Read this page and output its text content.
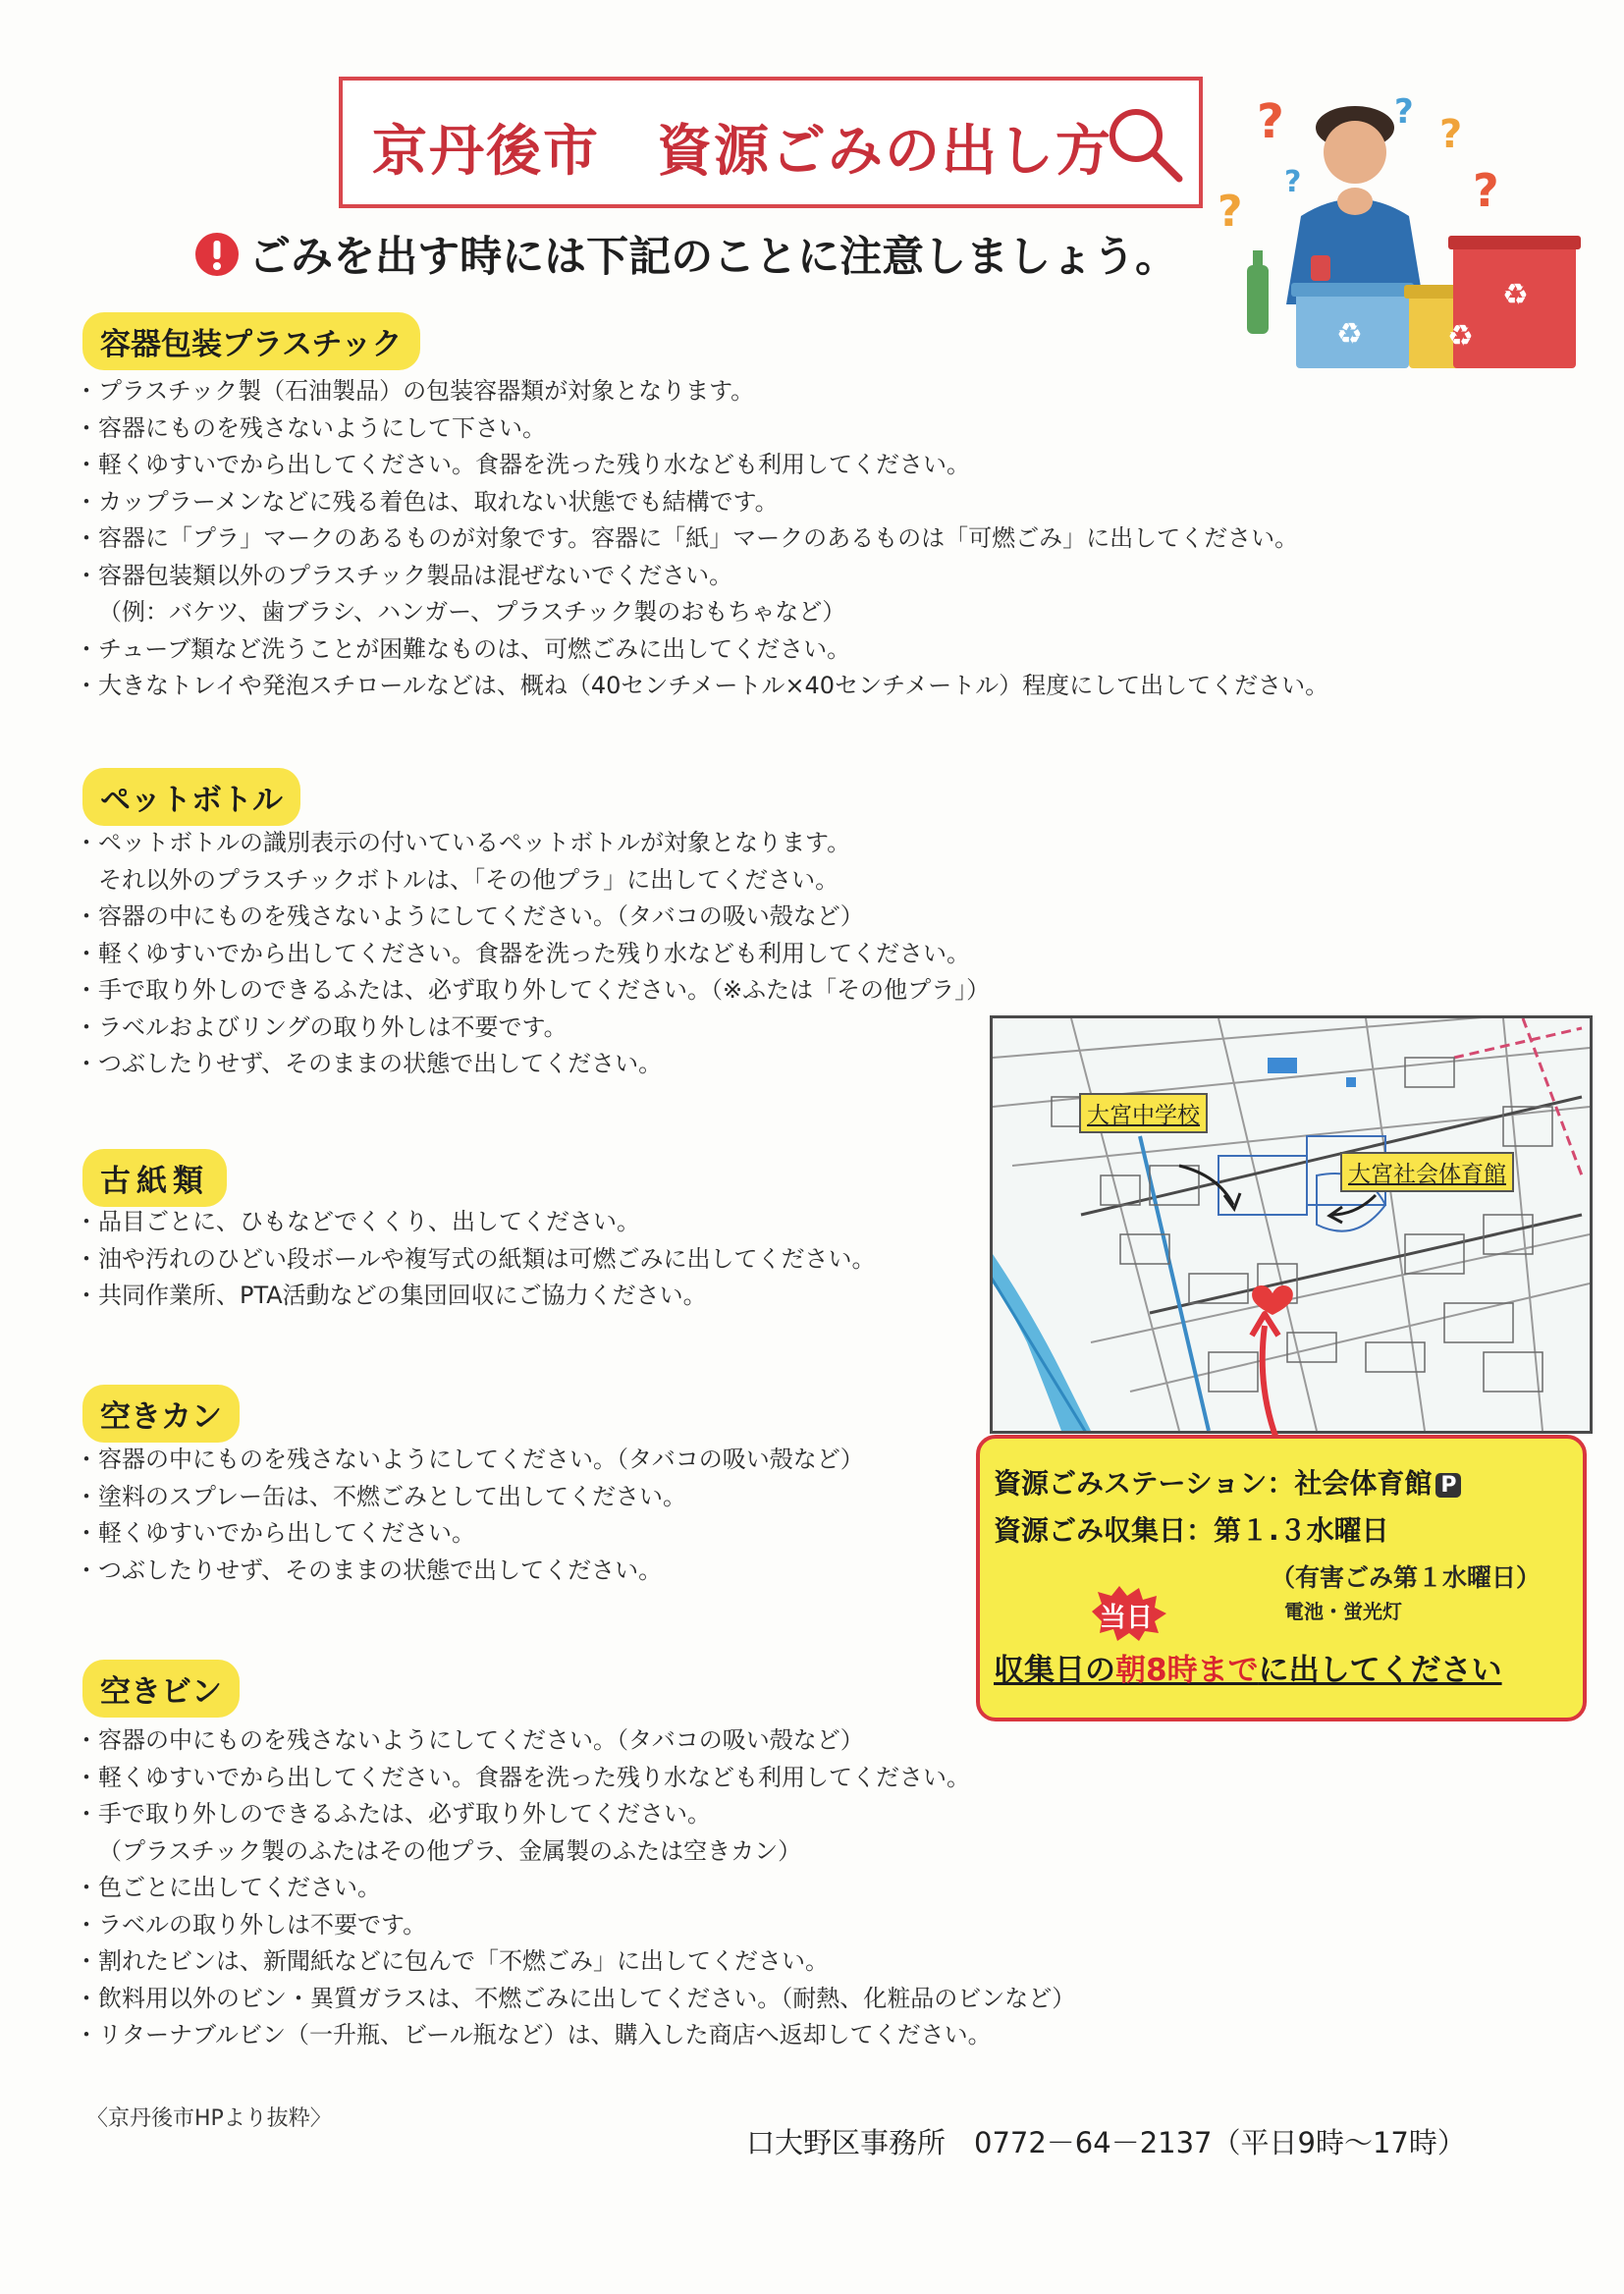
京丹後市　資源ごみの出し方	?
?
? ?
?
?
♻	♻
♻
ごみを出す時には下記のことに注意しましょう。
容器包装プラスチック
・プラスチック製（石油製品）の包装容器類が対象となります。
・容器にものを残さないようにして下さい。
・軽くゆすいでから出してください。食器を洗った残り水なども利用してください。
・カップラーメンなどに残る着色は、取れない状態でも結構です。
・容器に「プラ」マークのあるものが対象です。容器に「紙」マークのあるものは「可燃ごみ」に出してください。
・容器包装類以外のプラスチック製品は混ぜないでください。
（例：バケツ、歯ブラシ、ハンガー、プラスチック製のおもちゃなど）
・チューブ類など洗うことが困難なものは、可燃ごみに出してください。
・大きなトレイや発泡スチロールなどは、概ね（40センチメートル×40センチメートル）程度にして出してください。
ペットボトル
・ペットボトルの識別表示の付いているペットボトルが対象となります。
それ以外のプラスチックボトルは、「その他プラ」に出してください。
・容器の中にものを残さないようにしてください。（タバコの吸い殻など）
・軽くゆすいでから出してください。食器を洗った残り水なども利用してください。
・手で取り外しのできるふたは、必ず取り外してください。（※ふたは「その他プラ」）
・ラベルおよびリングの取り外しは不要です。
・つぶしたりせず、そのままの状態で出してください。
古紙類
・品目ごとに、ひもなどでくくり、出してください。
・油や汚れのひどい段ボールや複写式の紙類は可燃ごみに出してください。
・共同作業所、PTA活動などの集団回収にご協力ください。
空きカン
・容器の中にものを残さないようにしてください。（タバコの吸い殻など）
・塗料のスプレー缶は、不燃ごみとして出してください。
・軽くゆすいでから出してください。
・つぶしたりせず、そのままの状態で出してください。
空きビン
・容器の中にものを残さないようにしてください。（タバコの吸い殻など）
・軽くゆすいでから出してください。食器を洗った残り水なども利用してください。
・手で取り外しのできるふたは、必ず取り外してください。
（プラスチック製のふたはその他プラ、金属製のふたは空きカン）
・色ごとに出してください。
・ラベルの取り外しは不要です。
・割れたビンは、新聞紙などに包んで「不燃ごみ」に出してください。
・飲料用以外のビン・異質ガラスは、不燃ごみに出してください。（耐熱、化粧品のビンなど）
・リターナブルビン（一升瓶、ビール瓶など）は、購入した商店へ返却してください。
大宮中学校
大宮社会体育館
資源ごみステーション：社会体育館 P
資源ごみ収集日：第１.３水曜日
当日
（有害ごみ第１水曜日）
電池・蛍光灯
収集日の朝8時までに出してください
〈京丹後市HPより抜粋〉
口大野区事務所　0772－64－2137（平日9時～17時）
